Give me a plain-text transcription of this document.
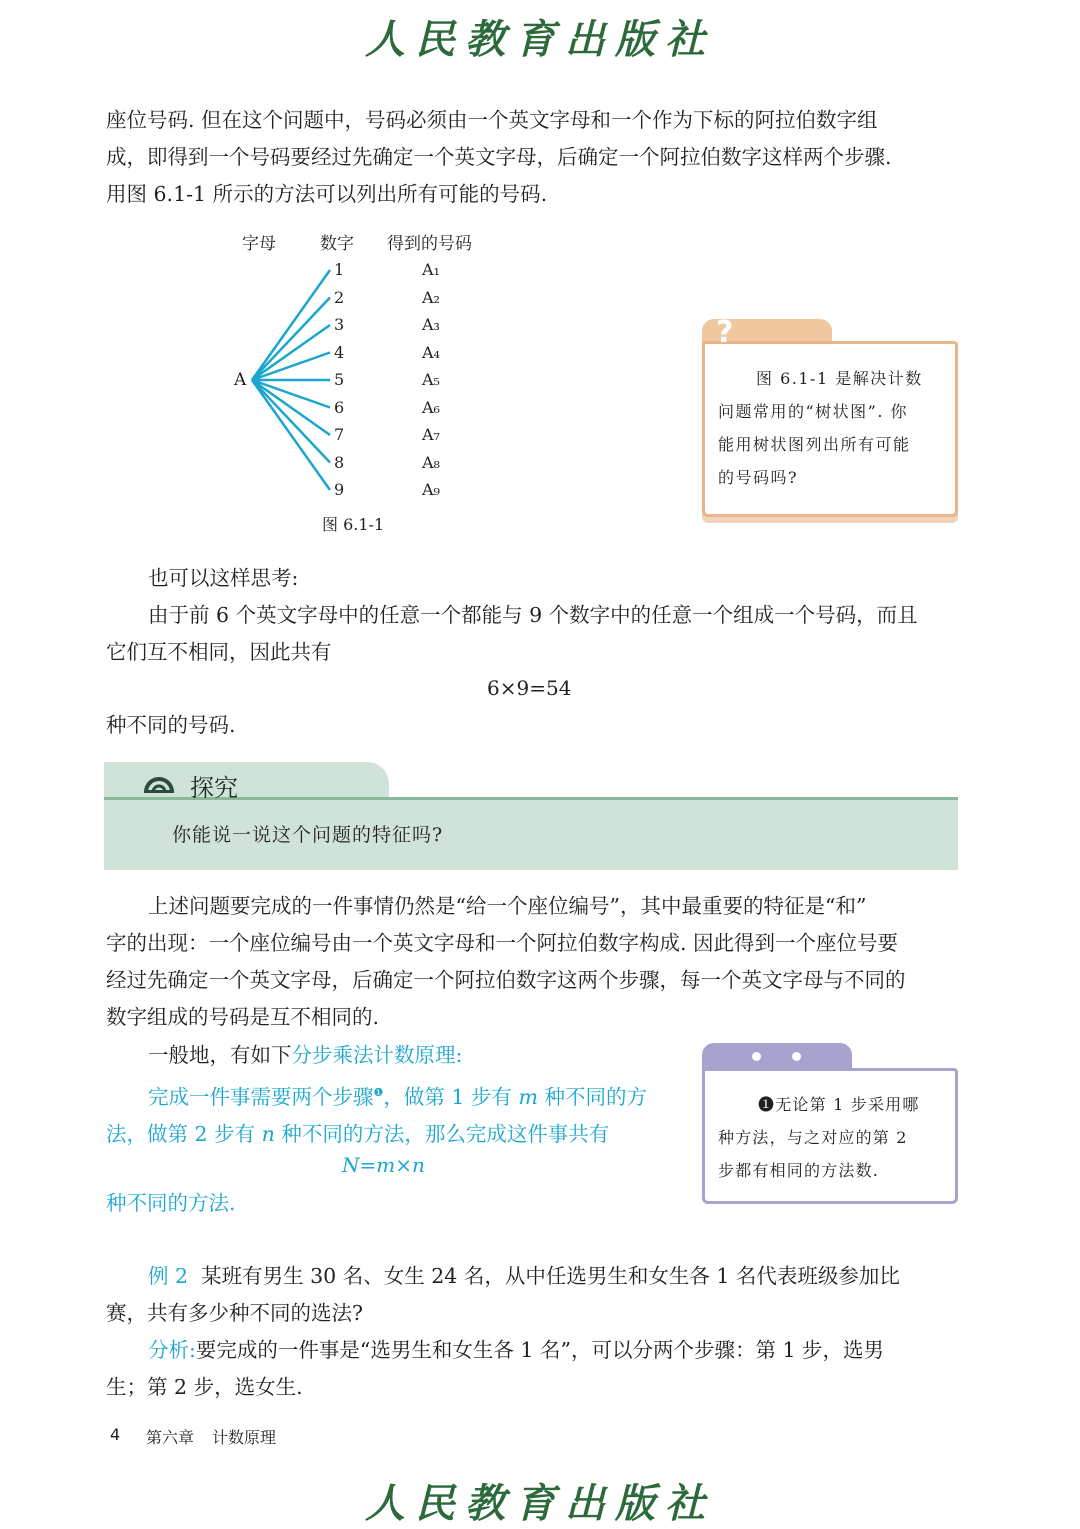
人民教育出版社

座位号码. 但在这个问题中，号码必须由一个英文字母和一个作为下标的阿拉伯数字组
成，即得到一个号码要经过先确定一个英文字母，后确定一个阿拉伯数字这样两个步骤.
用图 6.1-1 所示的方法可以列出所有可能的号码.

字母	数字 得到的号码
A
1	A₁
2	A₂
3	A₃
4	A₄
5	A₅
6	A₆
7	A₇
8	A₈
9	A₉
图 6.1-1
?
图 6.1-1 是解决计数
问题常用的“树状图”. 你
能用树状图列出所有可能
的号码吗?

也可以这样思考:
由于前 6 个英文字母中的任意一个都能与 9 个数字中的任意一个组成一个号码，而且
它们互不相同，因此共有

6×9=54

种不同的号码.

探究
你能说一说这个问题的特征吗?

上述问题要完成的一件事情仍然是“给一个座位编号”，其中最重要的特征是“和”
字的出现：一个座位编号由一个英文字母和一个阿拉伯数字构成. 因此得到一个座位号要
经过先确定一个英文字母，后确定一个阿拉伯数字这两个步骤，每一个英文字母与不同的
数字组成的号码是互不相同的.

一般地，有如下分步乘法计数原理:
完成一件事需要两个步骤$^❶$，做第 1 步有 m 种不同的方
法，做第 2 步有 n 种不同的方法，那么完成这件事共有

N=m×n

种不同的方法.

❶无论第 1 步采用哪
种方法，与之对应的第 2
步都有相同的方法数.

例 2 某班有男生 30 名、女生 24 名，从中任选男生和女生各 1 名代表班级参加比
赛，共有多少种不同的选法?
分析:要完成的一件事是“选男生和女生各 1 名”，可以分两个步骤：第 1 步，选男
生；第 2 步，选女生.

4 第六章 计数原理
人民教育出版社
